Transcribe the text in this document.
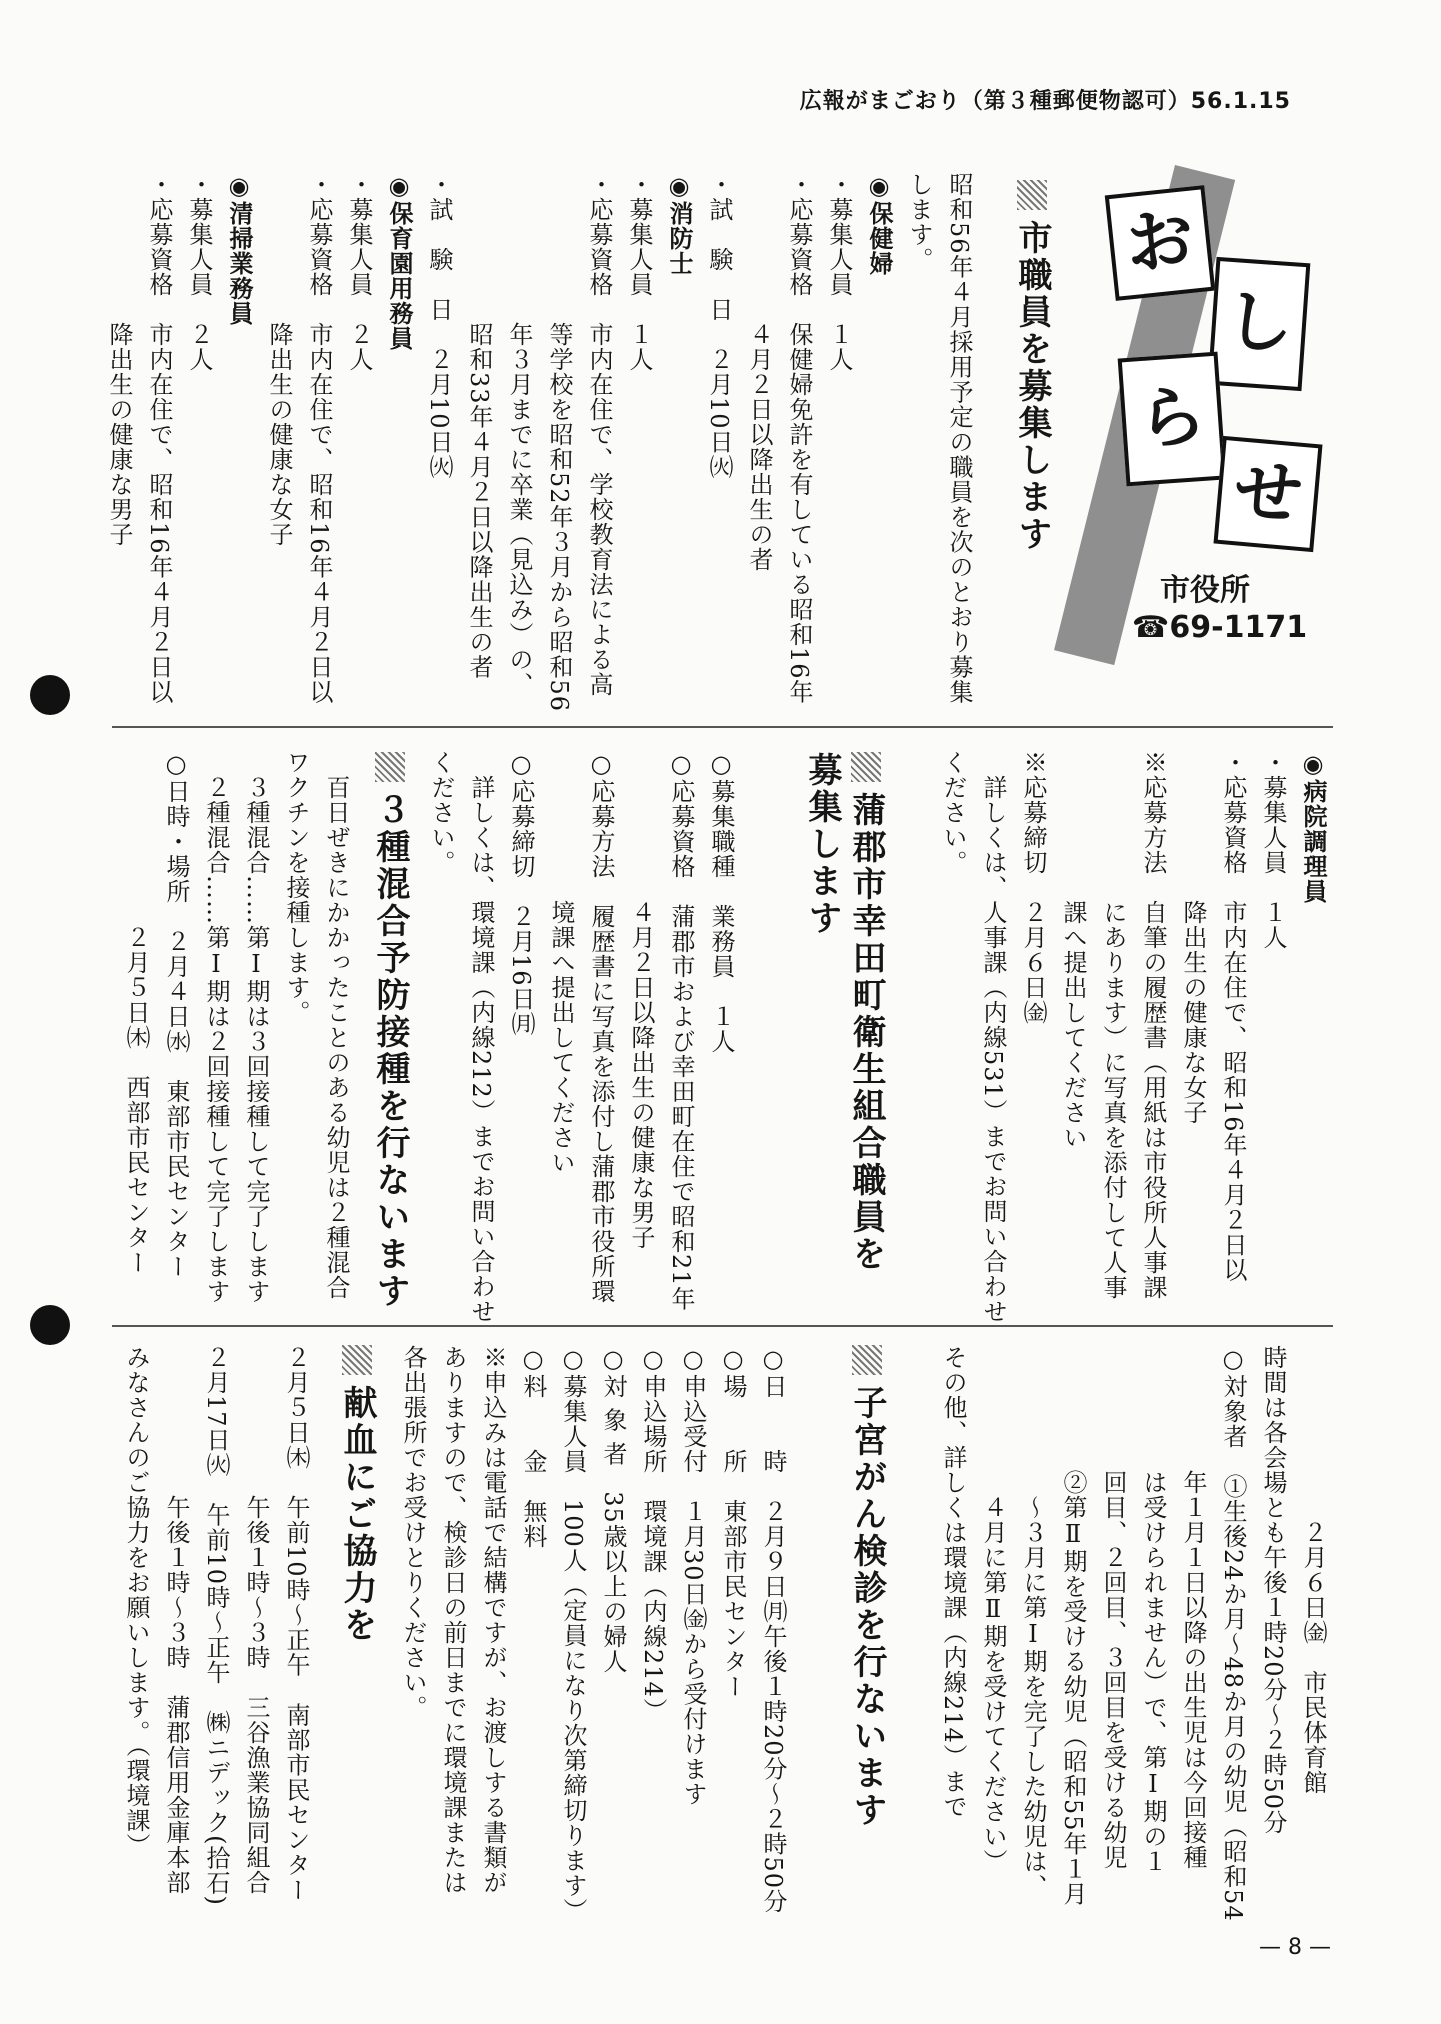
広報がまごおり（第３種郵便物認可）56.1.15
お
し
ら
せ
市役所
☎69-1171
市職員を募集します
昭和56年４月採用予定の職員を次のとおり募集
します。
◉保健婦
・募集人員　１人
・応募資格　保健婦免許を有している昭和16年
　　　　　　４月２日以降出生の者
・試　験　日　２月10日㈫
◉消防士
・募集人員　１人
・応募資格　市内在住で、学校教育法による高
　　　　　　等学校を昭和52年３月から昭和56
　　　　　　年３月までに卒業（見込み）の、
　　　　　　昭和33年４月２日以降出生の者
・試　験　日　２月10日㈫
◉保育園用務員
・募集人員　２人
・応募資格　市内在住で、昭和16年４月２日以
　　　　　　降出生の健康な女子
◉清掃業務員
・募集人員　２人
・応募資格　市内在住で、昭和16年４月２日以
　　　　　　降出生の健康な男子
◉病院調理員
・募集人員　１人
・応募資格　市内在住で、昭和16年４月２日以
　　　　　　降出生の健康な女子
※応募方法　自筆の履歴書（用紙は市役所人事課
　　　　　　にあります）に写真を添付して人事
　　　　　　課へ提出してください
※応募締切　２月６日㈮
　詳しくは、人事課（内線531）までお問い合わせ
ください。
蒲郡市幸田町衛生組合職員を
募集します
○募集職種　業務員　１人
○応募資格　蒲郡市および幸田町在住で昭和21年
　　　　　　４月２日以降出生の健康な男子
○応募方法　履歴書に写真を添付し蒲郡市役所環
　　　　　　境課へ提出してください
○応募締切　２月16日㈪
　詳しくは、環境課（内線212）までお問い合わせ
ください。
３種混合予防接種を行ないます
　百日ぜきにかかったことのある幼児は２種混合
ワクチンを接種します。
　３種混合……第Ⅰ期は３回接種して完了します
　２種混合……第Ⅰ期は２回接種して完了します
○日時・場所　２月４日㈬　東部市民センター
　　　　　　　２月５日㈭　西部市民センター
　　　　　　　２月６日㈮　市民体育館
時間は各会場とも午後１時20分～２時50分
○対象者　①生後24か月～48か月の幼児（昭和54
　　　　　年１月１日以降の出生児は今回接種
　　　　　は受けられません）で、第Ⅰ期の１
　　　　　回目、２回目、３回目を受ける幼児
　　　　　②第Ⅱ期を受ける幼児（昭和55年１月
　　　　　　～３月に第Ⅰ期を完了した幼児は、
　　　　　　４月に第Ⅱ期を受けてください）
その他、詳しくは環境課（内線214）まで
子宮がん検診を行ないます
○日　　時　２月９日㈪午後１時20分～２時50分
○場　　所　東部市民センター
○申込受付　１月30日㈮から受付けます
○申込場所　環境課（内線214）
○対 象 者　35歳以上の婦人
○募集人員　100人（定員になり次第締切ります）
○料　　金　無料
※申込みは電話で結構ですが、お渡しする書類が
ありますので、検診日の前日までに環境課または
各出張所でお受けとりください。
献血にご協力を
２月５日㈭　午前10時～正午　南部市民センター
　　　　　　午後１時～３時　三谷漁業協同組合
２月17日㈫　午前10時～正午　㈱ニデック(拾石)
　　　　　　午後１時～３時　蒲郡信用金庫本部
みなさんのご協力をお願いします。（環境課）
— 8 —
